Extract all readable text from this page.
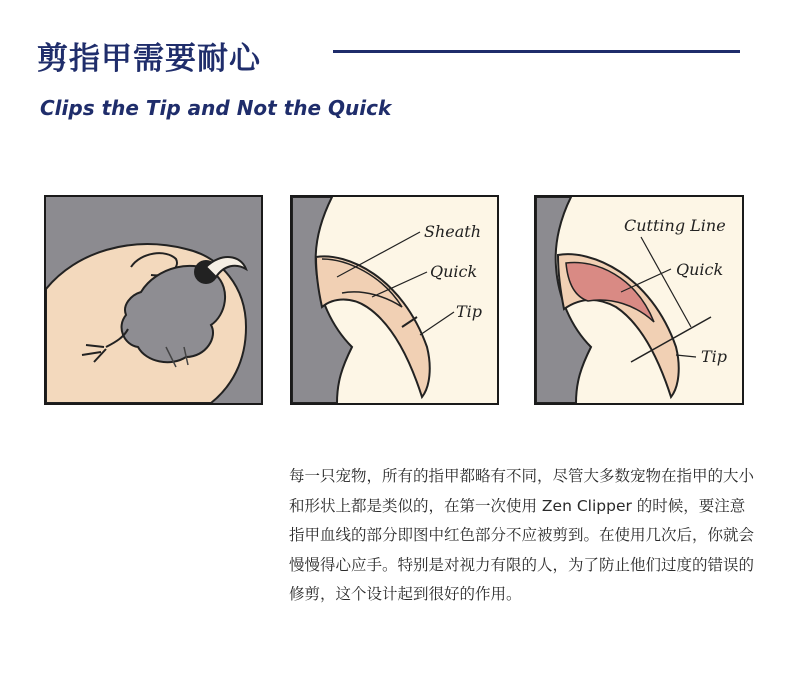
剪指甲需要耐心
Clips the Tip and Not the Quick
Sheath
Quick
Tip
Cutting Line
Quick
Tip

每一只宠物，所有的指甲都略有不同，尽管大多数宠物在指甲的大小和形状上都是类似的，在第一次使用 Zen Clipper 的时候，要注意指甲血线的部分即图中红色部分不应被剪到。在使用几次后，你就会慢慢得心应手。特别是对视力有限的人，为了防止他们过度的错误的修剪，这个设计起到很好的作用。
